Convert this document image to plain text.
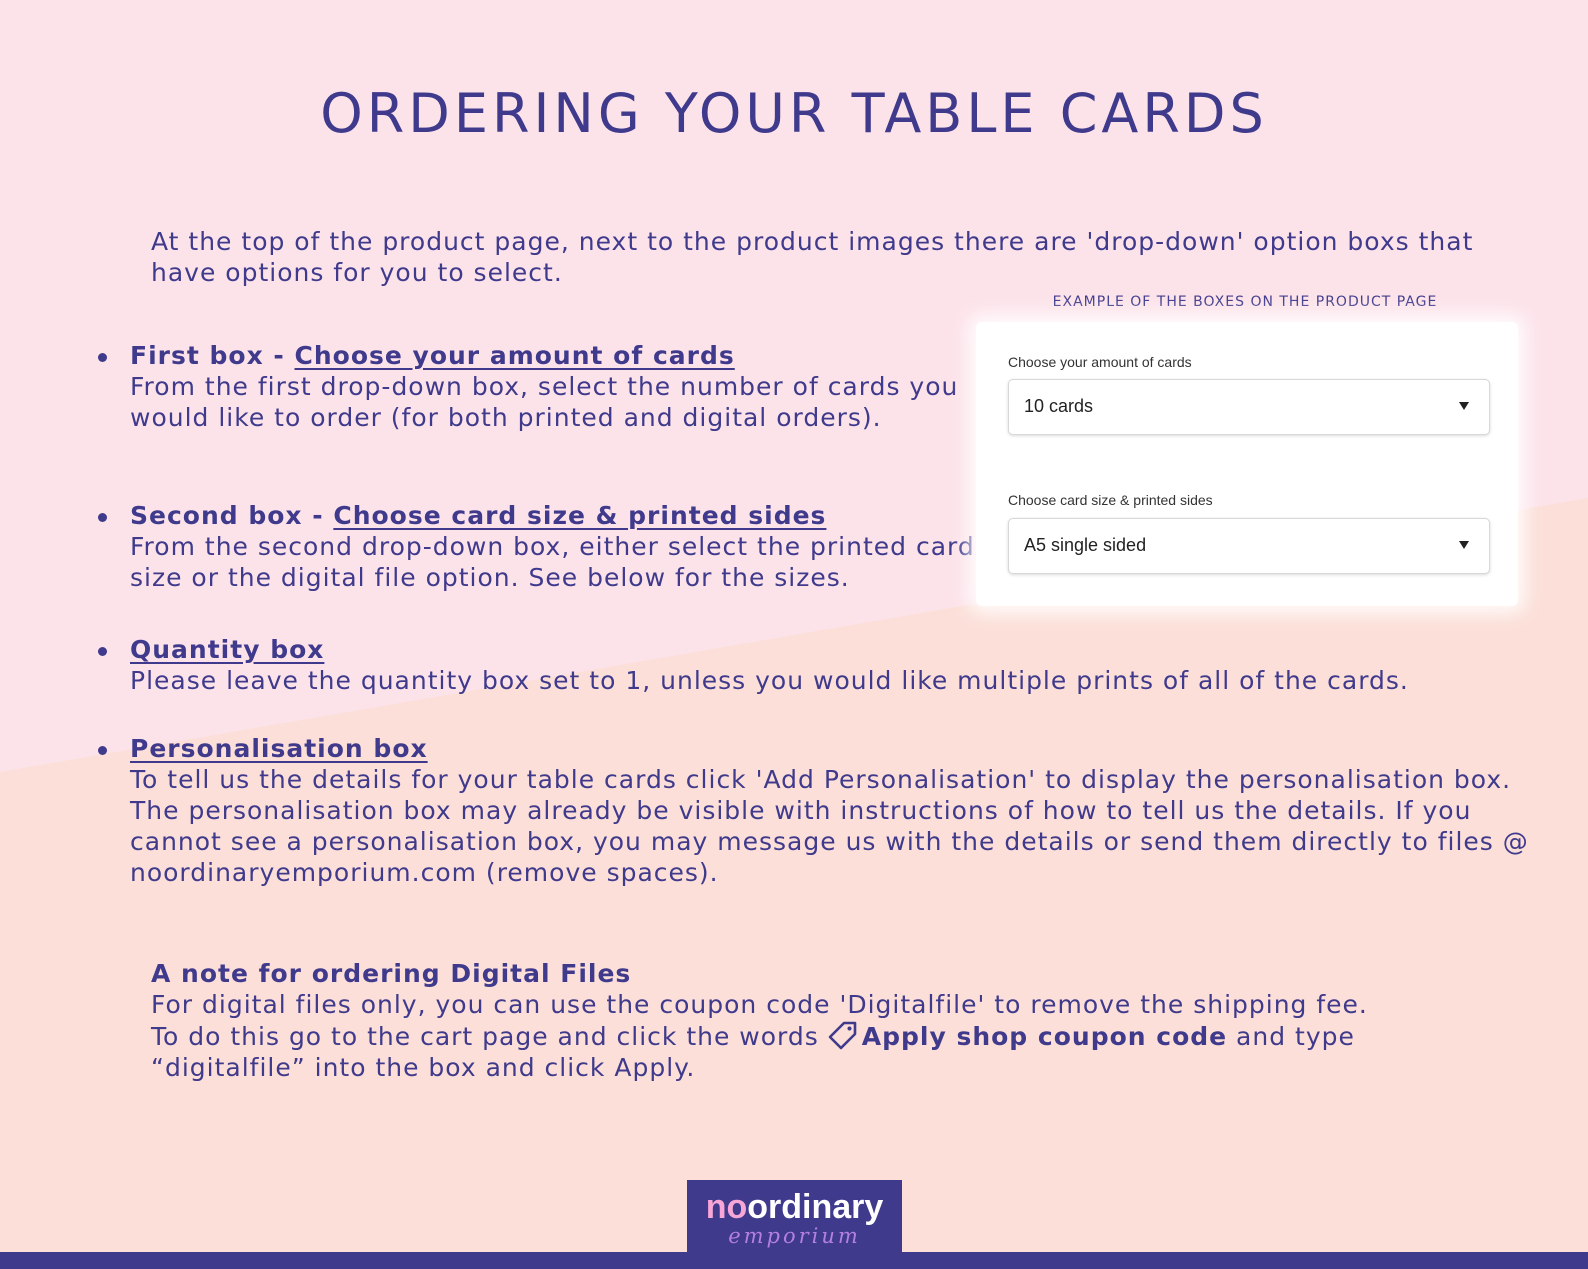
ORDERING YOUR TABLE CARDS

At the top of the product page, next to the product images there are 'drop-down' option boxs that have options for you to select.

First box - Choose your amount of cards
From the first drop-down box, select the number of cards you would like to order (for both printed and digital orders).
Second box - Choose card size & printed sides
From the second drop-down box, either select the printed card size or the digital file option. See below for the sizes.
Quantity box
Please leave the quantity box set to 1, unless you would like multiple prints of all of the cards.
Personalisation box
To tell us the details for your table cards click 'Add Personalisation' to display the personalisation box. The personalisation box may already be visible with instructions of how to tell us the details. If you cannot see a personalisation box, you may message us with the details or send them directly to files @ noordinaryemporium.com (remove spaces).
EXAMPLE OF THE BOXES ON THE PRODUCT PAGE
Choose your amount of cards
10 cards
Choose card size & printed sides
A5 single sided
A note for ordering Digital Files
For digital files only, you can use the coupon code 'Digitalfile' to remove the shipping fee.
To do this go to the cart page and click the words Apply shop coupon code and type
“digitalfile” into the box and click Apply.
noordinary
emporium
